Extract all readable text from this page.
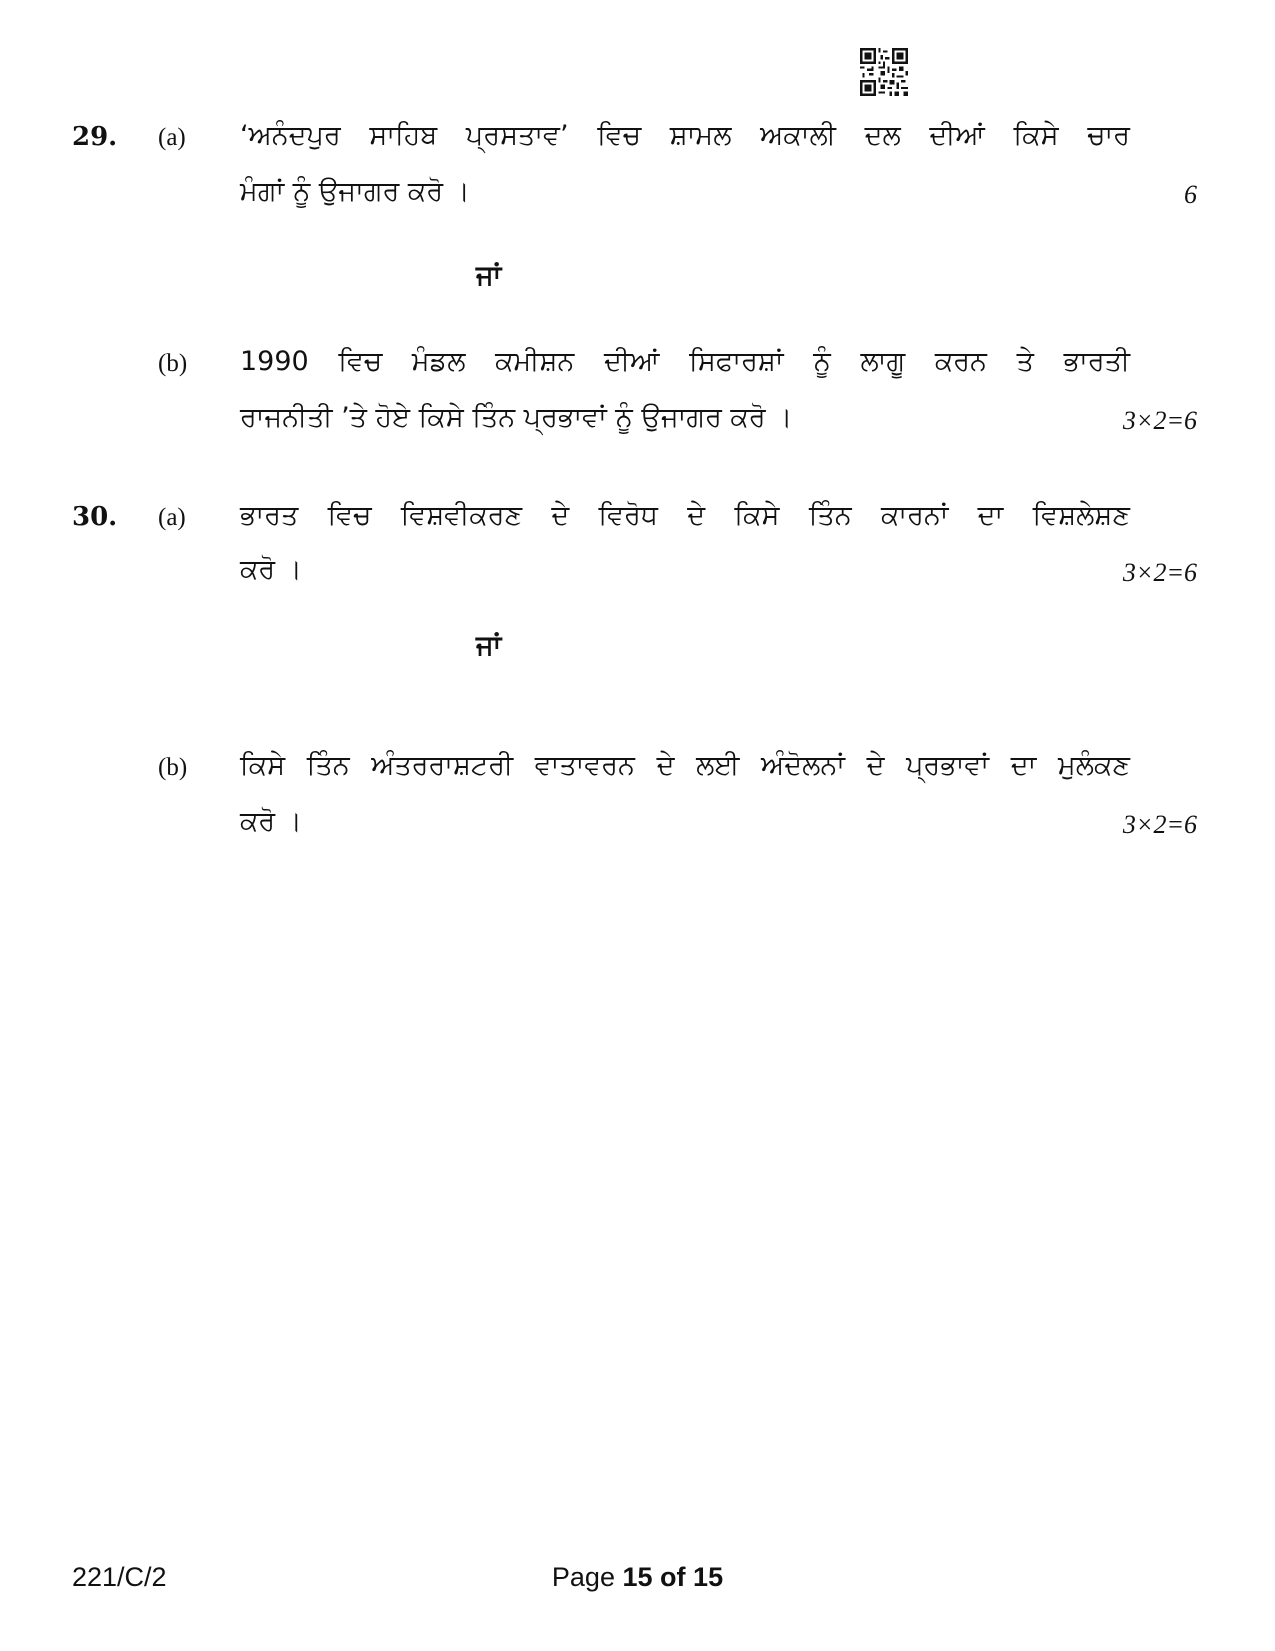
29. (a) ‘ਅਨੰਦਪੁਰ ਸਾਹਿਬ ਪ੍ਰਸਤਾਵ’ ਵਿਚ ਸ਼ਾਮਲ ਅਕਾਲੀ ਦਲ ਦੀਆਂ ਕਿਸੇ ਚਾਰ
ਮੰਗਾਂ ਨੂੰ ਉਜਾਗਰ ਕਰੋ ।	6
ਜਾਂ
(b) 1990 ਵਿਚ ਮੰਡਲ ਕਮੀਸ਼ਨ ਦੀਆਂ ਸਿਫਾਰਸ਼ਾਂ ਨੂੰ ਲਾਗੂ ਕਰਨ ਤੇ ਭਾਰਤੀ
ਰਾਜਨੀਤੀ ’ਤੇ ਹੋਏ ਕਿਸੇ ਤਿੰਨ ਪ੍ਰਭਾਵਾਂ ਨੂੰ ਉਜਾਗਰ ਕਰੋ ।	3×2=6
30. (a) ਭਾਰਤ ਵਿਚ ਵਿਸ਼ਵੀਕਰਣ ਦੇ ਵਿਰੋਧ ਦੇ ਕਿਸੇ ਤਿੰਨ ਕਾਰਨਾਂ ਦਾ ਵਿਸ਼ਲੇਸ਼ਣ
ਕਰੋ ।	3×2=6
ਜਾਂ
(b) ਕਿਸੇ ਤਿੰਨ ਅੰਤਰਰਾਸ਼ਟਰੀ ਵਾਤਾਵਰਨ ਦੇ ਲਈ ਅੰਦੋਲਨਾਂ ਦੇ ਪ੍ਰਭਾਵਾਂ ਦਾ ਮੁਲੰਕਣ
ਕਰੋ ।	3×2=6
221/C/2	Page 15 of 15
